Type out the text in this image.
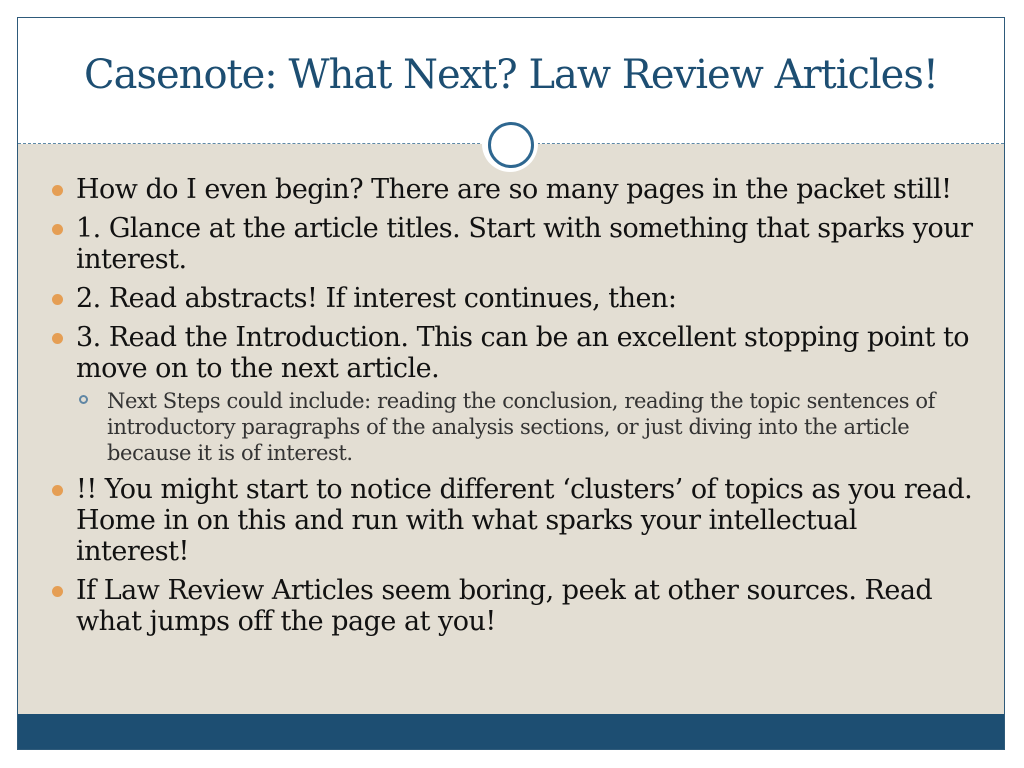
Casenote: What Next? Law Review Articles!
How do I even begin? There are so many pages in the packet still!
1. Glance at the article titles. Start with something that sparks your interest.
2. Read abstracts! If interest continues, then:
3. Read the Introduction. This can be an excellent stopping point to move on to the next article.
Next Steps could include: reading the conclusion, reading the topic sentences of introductory paragraphs of the analysis sections, or just diving into the article because it is of interest.
!! You might start to notice different ‘clusters’ of topics as you read. Home in on this and run with what sparks your intellectual interest!
If Law Review Articles seem boring, peek at other sources. Read what jumps off the page at you!
